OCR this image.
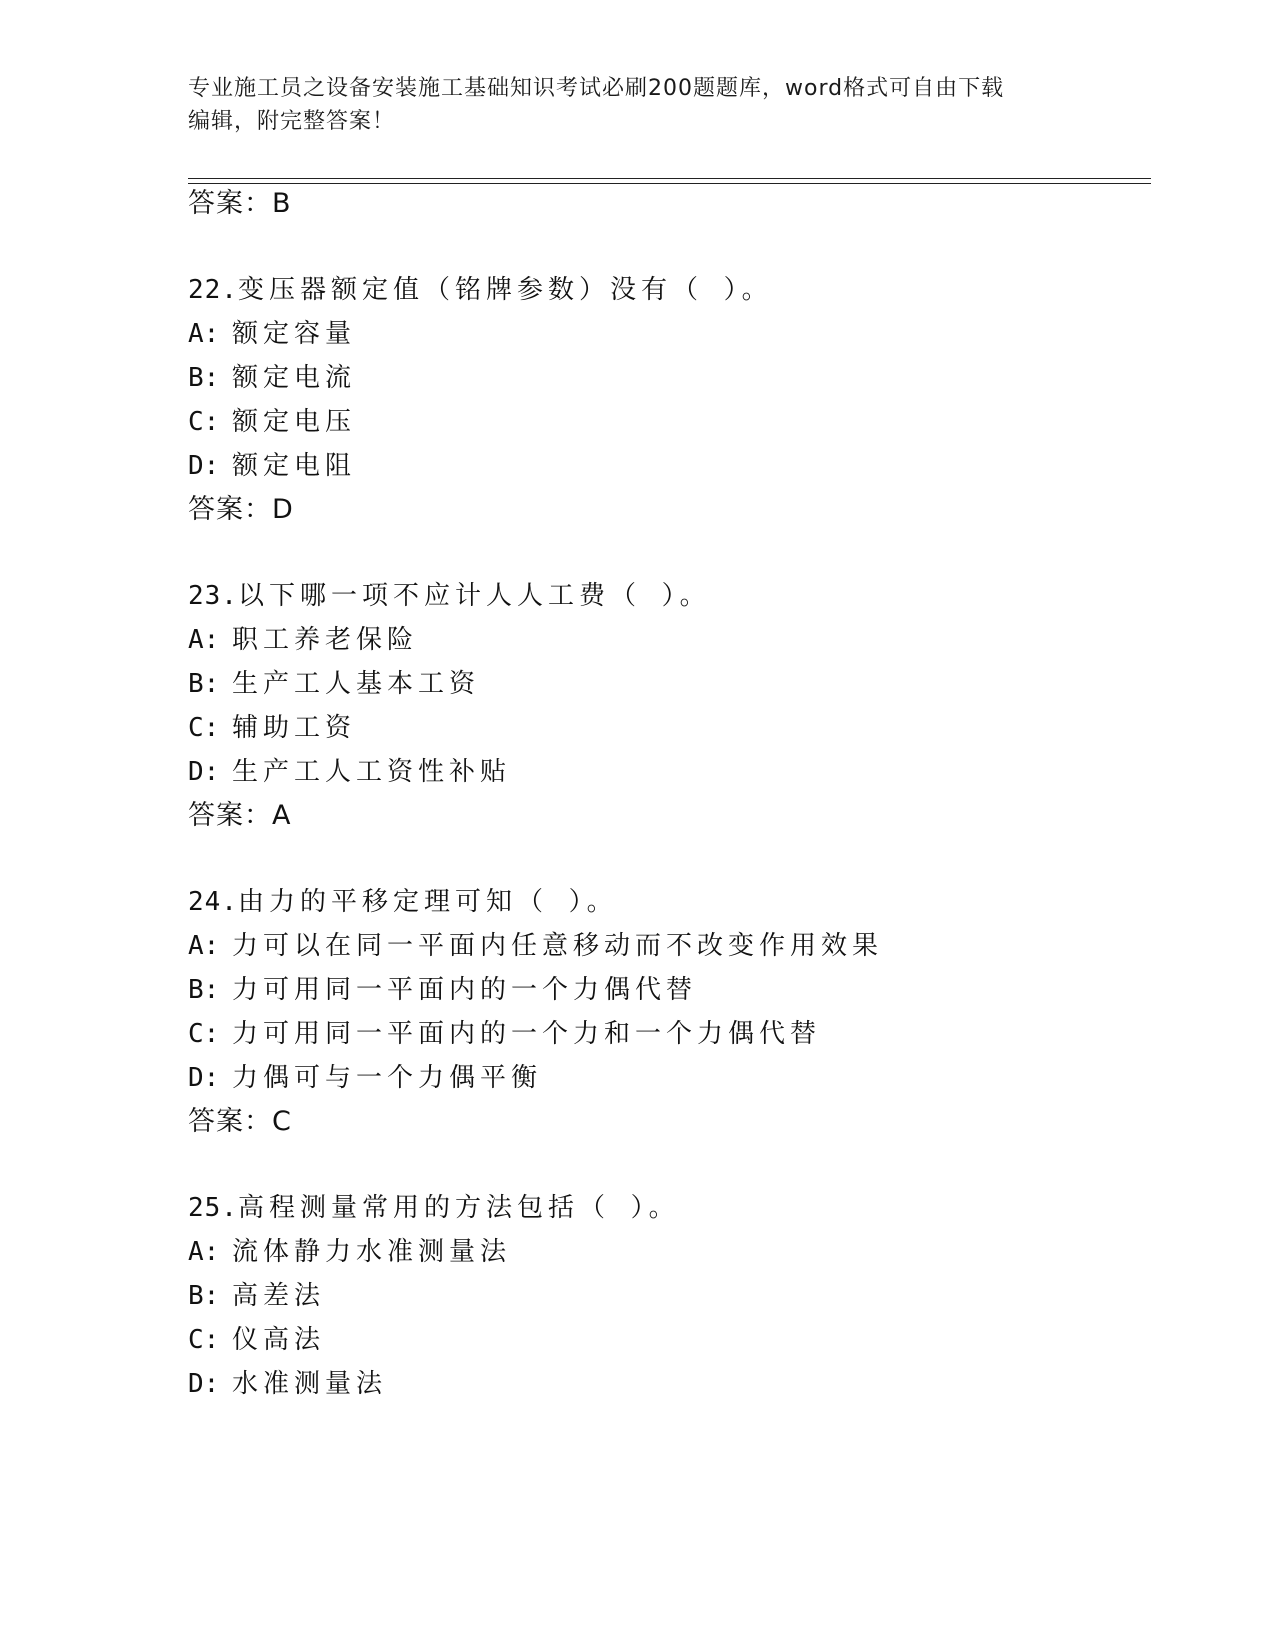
专业施工员之设备安装施工基础知识考试必刷200题题库，word格式可自由下载
编辑，附完整答案！
答案：B
22.变压器额定值（铭牌参数）没有（ ）。
A: 额定容量
B: 额定电流
C: 额定电压
D: 额定电阻
答案：D
23.以下哪一项不应计人人工费（ ）。
A: 职工养老保险
B: 生产工人基本工资
C: 辅助工资
D: 生产工人工资性补贴
答案：A
24.由力的平移定理可知（ ）。
A: 力可以在同一平面内任意移动而不改变作用效果
B: 力可用同一平面内的一个力偶代替
C: 力可用同一平面内的一个力和一个力偶代替
D: 力偶可与一个力偶平衡
答案：C
25.高程测量常用的方法包括（ ）。
A: 流体静力水准测量法
B: 高差法
C: 仪高法
D: 水准测量法
